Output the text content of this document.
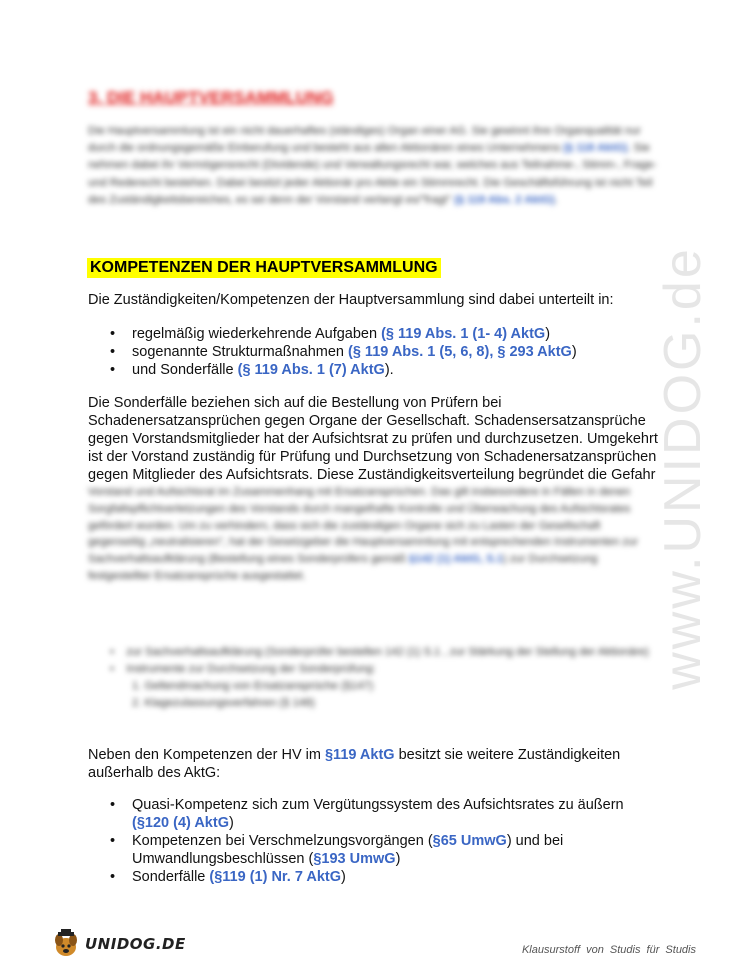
www.UNIDOG.de
3. DIE HAUPTVERSAMMLUNG
Die Hauptversammlung ist ein nicht dauerhaftes (ständiges) Organ einer AG. Sie gewinnt ihre Organqualität nur durch die ordnungsgemäße Einberufung und besteht aus allen Aktionären eines Unternehmens (§ 118 AktG). Sie nehmen dabei ihr Vermögensrecht (Dividende) und Verwaltungsrecht war, welches aus Teilnahme-, Stimm-, Frage- und Rederecht bestehen. Dabei besitzt jeder Aktionär pro Aktie ein Stimmrecht. Die Geschäftsführung ist nicht Teil des Zuständigkeitsbereiches, es sei denn der Vorstand verlangt es/"fragt" (§ 119 Abs. 2 AktG).
KOMPETENZEN DER HAUPTVERSAMMLUNG
Die Zuständigkeiten/Kompetenzen der Hauptversammlung sind dabei unterteilt in:
• regelmäßig wiederkehrende Aufgaben (§ 119 Abs. 1 (1- 4) AktG)
• sogenannte Strukturmaßnahmen (§ 119 Abs. 1 (5, 6, 8), § 293 AktG)
• und Sonderfälle (§ 119 Abs. 1 (7) AktG).
Die Sonderfälle beziehen sich auf die Bestellung von Prüfern bei Schadenersatzansprüchen gegen Organe der Gesellschaft. Schadensersatzansprüche gegen Vorstandsmitglieder hat der Aufsichtsrat zu prüfen und durchzusetzen. Umgekehrt ist der Vorstand zuständig für Prüfung und Durchsetzung von Schadenersatzansprüchen gegen Mitglieder des Aufsichtsrats. Diese Zuständigkeitsverteilung begründet die Gefahr
Vorstand und Aufsichtsrat im Zusammenhang mit Ersatzansprüchen. Das gilt insbesondere in Fällen in denen Sorgfaltspflichtverletzungen des Vorstands durch mangelhafte Kontrolle und Überwachung des Aufsichtsrates gefördert wurden. Um zu verhindern, dass sich die zuständigen Organe sich zu Lasten der Gesellschaft gegenseitig „neutralisieren", hat der Gesetzgeber die Hauptversammlung mit entsprechenden Instrumenten zur Sachverhaltsaufklärung (Bestellung eines Sonderprüfers gemäß §142 (1) AktG, S.1) zur Durchsetzung festgestellter Ersatzansprüche ausgestattet.
•    zur Sachverhaltsaufklärung (Sonderprüfer bestellen 142 (1) S.1 , zur Stärkung der Stellung der Aktionäre)
•    Instrumente zur Durchsetzung der Sonderprüfung:
1. Geltendmachung von Ersatzansprüche (§147)
2. Klagezulassungsverfahren (§ 148)
Neben den Kompetenzen der HV im §119 AktG besitzt sie weitere Zuständigkeiten außerhalb des AktG:
• Quasi-Kompetenz sich zum Vergütungssystem des Aufsichtsrates zu äußern (§120 (4) AktG)
• Kompetenzen bei Verschmelzungsvorgängen (§65 UmwG) und bei Umwandlungsbeschlüssen (§193 UmwG)
• Sonderfälle (§119 (1) Nr. 7 AktG)
UNIDOG.DE	Klausurstoff von Studis für Studis
